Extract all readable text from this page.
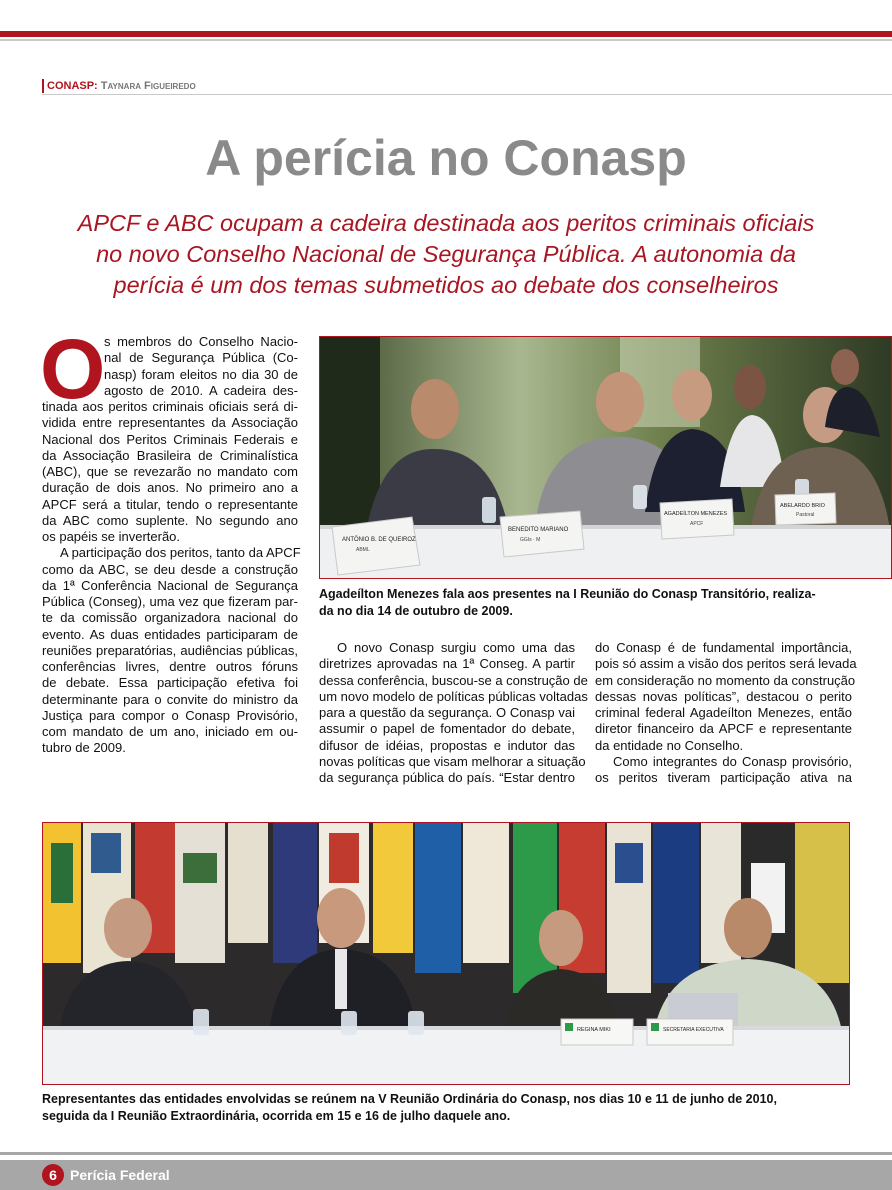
CONASP: Taynara Figueiredo
A perícia no Conasp
APCF e ABC ocupam a cadeira destinada aos peritos criminais oficiais
no novo Conselho Nacional de Segurança Pública. A autonomia da
perícia é um dos temas submetidos ao debate dos conselheiros
O
s membros do Conselho Nacio-
nal de Segurança Pública (Co-
nasp) foram eleitos no dia 30 de
agosto de 2010. A cadeira des-
tinada aos peritos criminais oficiais será di-
vidida entre representantes da Associação
Nacional dos Peritos Criminais Federais e
da Associação Brasileira de Criminalística
(ABC), que se revezarão no mandato com
duração de dois anos. No primeiro ano a
APCF será a titular, tendo o representante
da ABC como suplente. No segundo ano
os papéis se inverterão.
A participação dos peritos, tanto da APCF
como da ABC, se deu desde a construção
da 1ª Conferência Nacional de Segurança
Pública (Conseg), uma vez que fizeram par-
te da comissão organizadora nacional do
evento. As duas entidades participaram de
reuniões preparatórias, audiências públicas,
conferências livres, dentre outros fóruns
de debate. Essa participação efetiva foi
determinante para o convite do ministro da
Justiça para compor o Conasp Provisório,
com mandato de um ano, iniciado em ou-
tubro de 2009.
ANTÔNIO B. DE QUEIROZ
ABML
BENEDITO MARIANO
GGIs · M
AGADEÍLTON MENEZES
APCF
ABELARDO BRIO
Pastoral
Agadeílton Menezes fala aos presentes na I Reunião do Conasp Transitório, realiza-
da no dia 14 de outubro de 2009.
O novo Conasp surgiu como uma das
diretrizes aprovadas na 1ª Conseg. A partir
dessa conferência, buscou-se a construção de
um novo modelo de políticas públicas voltadas
para a questão da segurança. O Conasp vai
assumir o papel de fomentador do debate,
difusor de idéias, propostas e indutor das
novas políticas que visam melhorar a situação
da segurança pública do país. “Estar dentro
do Conasp é de fundamental importância,
pois só assim a visão dos peritos será levada
em consideração no momento da construção
dessas novas políticas”, destacou o perito
criminal federal Agadeílton Menezes, então
diretor financeiro da APCF e representante
da entidade no Conselho.
Como integrantes do Conasp provisório,
os peritos tiveram participação ativa na
REGINA MIKI	SECRETARIA EXECUTIVA
Representantes das entidades envolvidas se reúnem na V Reunião Ordinária do Conasp, nos dias 10 e 11 de junho de 2010,
seguida da I Reunião Extraordinária, ocorrida em 15 e 16 de julho daquele ano.
6 Perícia Federal
